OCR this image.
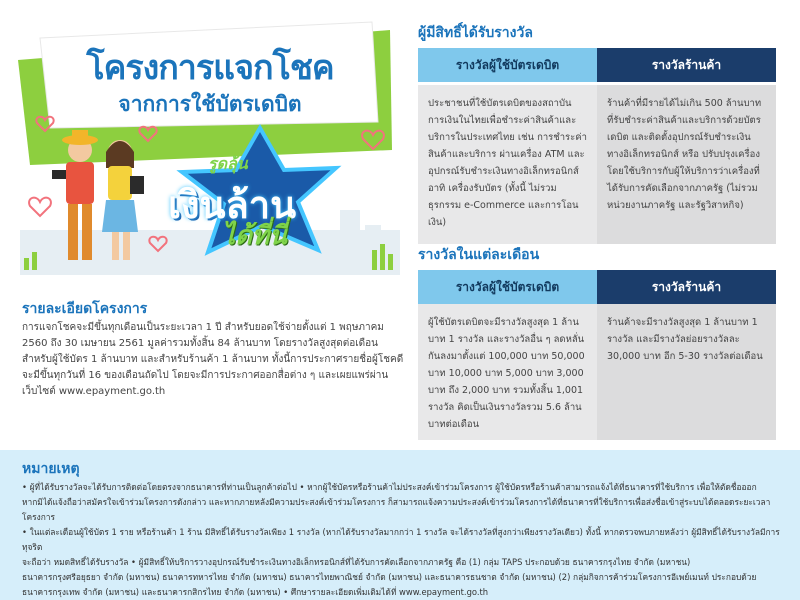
โครงการแจกโชค
จากการใช้บัตรเดบิต
รูดลุ้น
เงินล้าน
ได้ที่นี่
รายละเอียดโครงการ
การแจกโชคจะมีขึ้นทุกเดือนเป็นระยะเวลา 1 ปี สำหรับยอดใช้จ่ายตั้งแต่ 1 พฤษภาคม 2560 ถึง 30 เมษายน 2561 มูลค่ารวมทั้งสิ้น 84 ล้านบาท โดยรางวัลสูงสุดต่อเดือนสำหรับผู้ใช้บัตร 1 ล้านบาท และสำหรับร้านค้า 1 ล้านบาท ทั้งนี้การประกาศรายชื่อผู้โชคดีจะมีขึ้นทุกวันที่ 16 ของเดือนถัดไป โดยจะมีการประกาศออกสื่อต่าง ๆ และเผยแพร่ผ่านเว็บไซต์ www.epayment.go.th
ผู้มีสิทธิ์ได้รับรางวัล
รางวัลผู้ใช้บัตรเดบิต	รางวัลร้านค้า
ประชาชนที่ใช้บัตรเดบิตของสถาบันการเงินในไทยเพื่อชำระค่าสินค้าและบริการในประเทศไทย เช่น การชำระค่าสินค้าและบริการ ผ่านเครื่อง ATM และอุปกรณ์รับชำระเงินทางอิเล็กทรอนิกส์ อาทิ เครื่องรับบัตร (ทั้งนี้ ไม่รวมธุรกรรม e-Commerce และการโอนเงิน)
ร้านค้าที่มีรายได้ไม่เกิน 500 ล้านบาท ที่รับชำระค่าสินค้าและบริการด้วยบัตรเดบิต และติดตั้งอุปกรณ์รับชำระเงินทางอิเล็กทรอนิกส์ หรือ ปรับปรุงเครื่องโดยใช้บริการกับผู้ให้บริการว่าเครื่องที่ได้รับการคัดเลือกจากภาครัฐ (ไม่รวมหน่วยงานภาครัฐ และรัฐวิสาหกิจ)
รางวัลในแต่ละเดือน
รางวัลผู้ใช้บัตรเดบิต	รางวัลร้านค้า
ผู้ใช้บัตรเดบิตจะมีรางวัลสูงสุด 1 ล้านบาท 1 รางวัล และรางวัลอื่น ๆ ลดหลั่นกันลงมาตั้งแต่ 100,000 บาท 50,000 บาท 10,000 บาท 5,000 บาท 3,000 บาท ถึง 2,000 บาท รวมทั้งสิ้น 1,001 รางวัล คิดเป็นเงินรางวัลรวม 5.6 ล้านบาทต่อเดือน
ร้านค้าจะมีรางวัลสูงสุด 1 ล้านบาท 1 รางวัล และมีรางวัลย่อยรางวัลละ 30,000 บาท อีก 5-30 รางวัลต่อเดือน
หมายเหตุ

• ผู้ที่ได้รับรางวัลจะได้รับการติดต่อโดยตรงจากธนาคารที่ท่านเป็นลูกค้าต่อไป • หากผู้ใช้บัตรหรือร้านค้าไม่ประสงค์เข้าร่วมโครงการ ผู้ใช้บัตรหรือร้านค้าสามารถแจ้งได้ที่ธนาคารที่ใช้บริการ เพื่อให้ตัดชื่อออก

หากมิได้แจ้งถือว่าสมัครใจเข้าร่วมโครงการดังกล่าว และหากภายหลังมีความประสงค์เข้าร่วมโครงการ ก็สามารถแจ้งความประสงค์เข้าร่วมโครงการได้ที่ธนาคารที่ใช้บริการเพื่อส่งชื่อเข้าสู่ระบบได้ตลอดระยะเวลาโครงการ

• ในแต่ละเดือนผู้ใช้บัตร 1 ราย หรือร้านค้า 1 ร้าน มีสิทธิ์ได้รับรางวัลเพียง 1 รางวัล (หากได้รับรางวัลมากกว่า 1 รางวัล จะได้รางวัลที่สูงกว่าเพียงรางวัลเดียว) ทั้งนี้ หากตรวจพบภายหลังว่า ผู้มีสิทธิ์ได้รับรางวัลมีการทุจริต

จะถือว่า หมดสิทธิ์ได้รับรางวัล • ผู้มีสิทธิ์ให้บริการวางอุปกรณ์รับชำระเงินทางอิเล็กทรอนิกส์ที่ได้รับการคัดเลือกจากภาครัฐ คือ (1) กลุ่ม TAPS ประกอบด้วย ธนาคารกรุงไทย จำกัด (มหาชน)

ธนาคารกรุงศรีอยุธยา จำกัด (มหาชน) ธนาคารทหารไทย จำกัด (มหาชน) ธนาคารไทยพาณิชย์ จำกัด (มหาชน) และธนาคารธนชาต จำกัด (มหาชน) (2) กลุ่มกิจการค้าร่วมโครงการอีเพย์เมนท์ ประกอบด้วย

ธนาคารกรุงเทพ จำกัด (มหาชน) และธนาคารกสิกรไทย จำกัด (มหาชน) • ศึกษารายละเอียดเพิ่มเติมได้ที่ www.epayment.go.th
